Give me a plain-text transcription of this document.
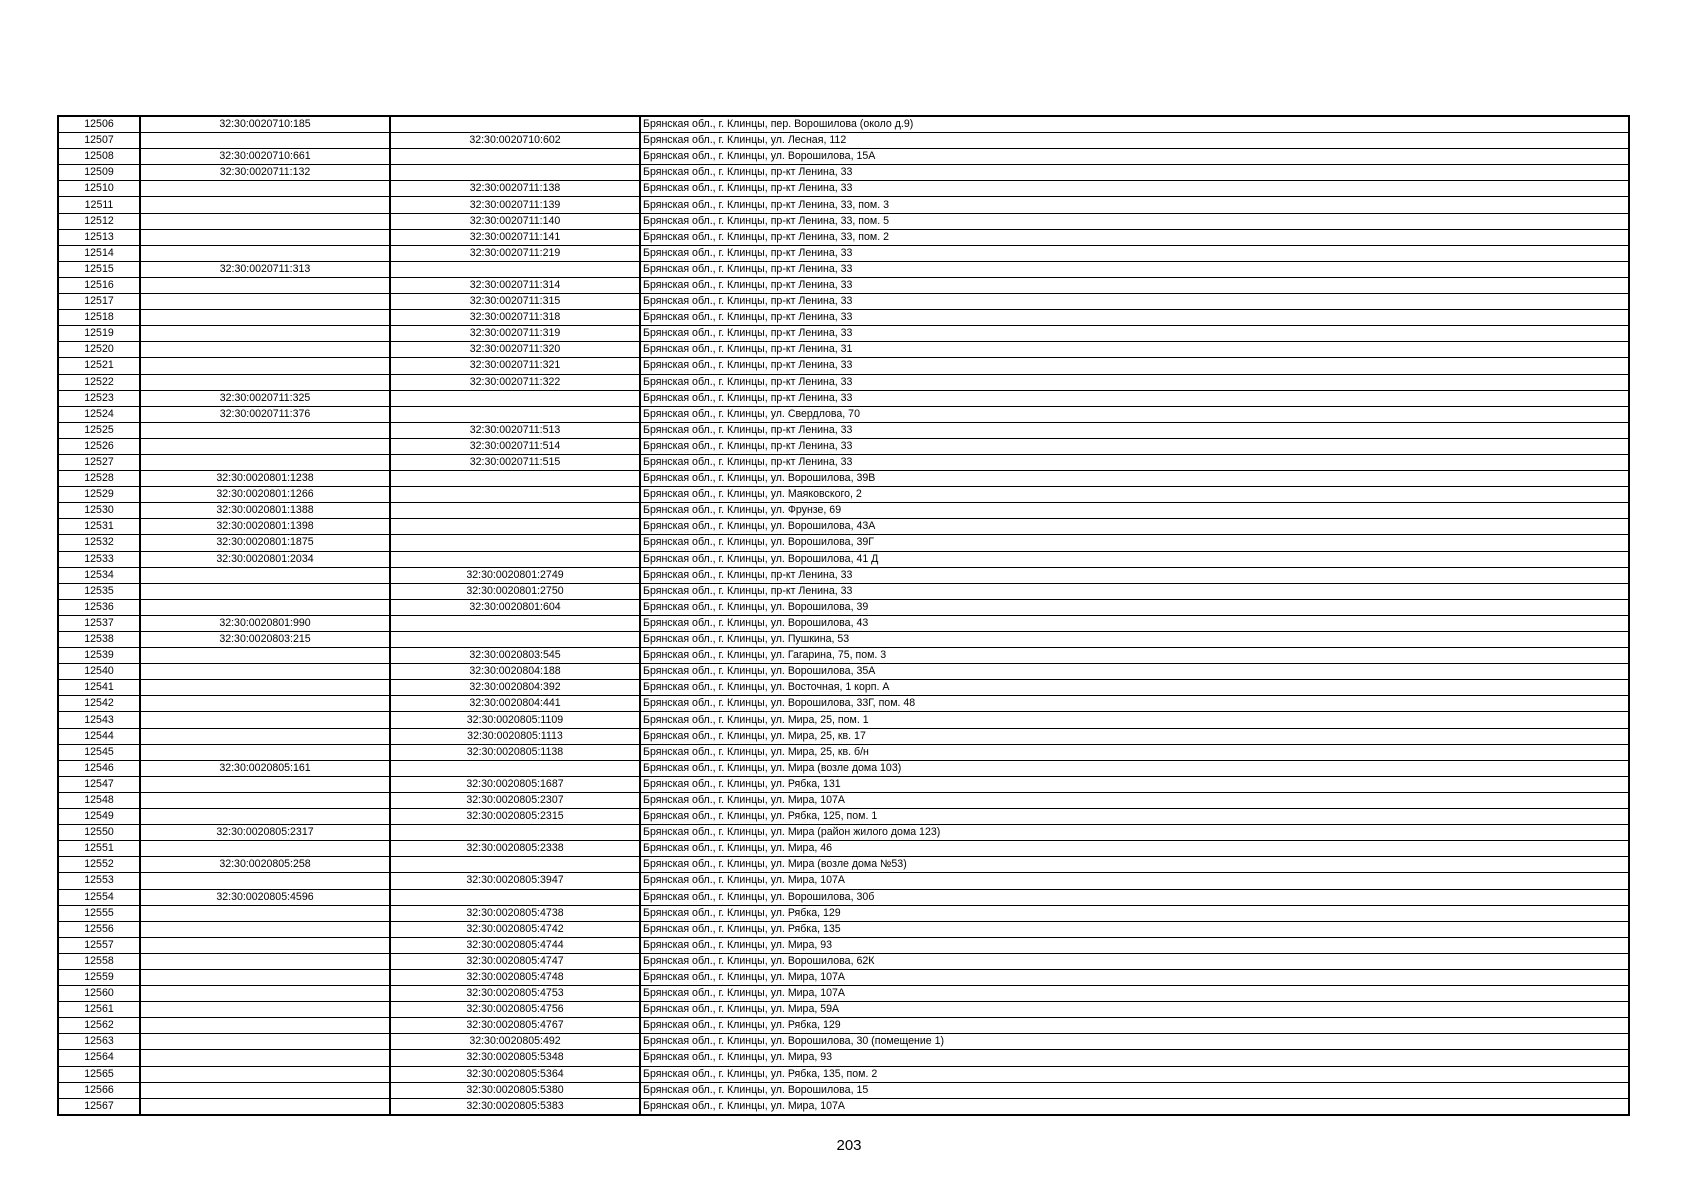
12506	32:30:0020710:185		Брянская обл., г. Клинцы, пер. Ворошилова (около д.9)
12507		32:30:0020710:602	Брянская обл., г. Клинцы, ул. Лесная, 112
12508	32:30:0020710:661		Брянская обл., г. Клинцы, ул. Ворошилова, 15А
12509	32:30:0020711:132		Брянская обл., г. Клинцы, пр-кт Ленина, 33
12510		32:30:0020711:138	Брянская обл., г. Клинцы, пр-кт Ленина, 33
12511		32:30:0020711:139	Брянская обл., г. Клинцы, пр-кт Ленина, 33, пом. 3
12512		32:30:0020711:140	Брянская обл., г. Клинцы, пр-кт Ленина, 33, пом. 5
12513		32:30:0020711:141	Брянская обл., г. Клинцы, пр-кт Ленина, 33, пом. 2
12514		32:30:0020711:219	Брянская обл., г. Клинцы, пр-кт Ленина, 33
12515	32:30:0020711:313		Брянская обл., г. Клинцы, пр-кт Ленина, 33
12516		32:30:0020711:314	Брянская обл., г. Клинцы, пр-кт Ленина, 33
12517		32:30:0020711:315	Брянская обл., г. Клинцы, пр-кт Ленина, 33
12518		32:30:0020711:318	Брянская обл., г. Клинцы, пр-кт Ленина, 33
12519		32:30:0020711:319	Брянская обл., г. Клинцы, пр-кт Ленина, 33
12520		32:30:0020711:320	Брянская обл., г. Клинцы, пр-кт Ленина, 31
12521		32:30:0020711:321	Брянская обл., г. Клинцы, пр-кт Ленина, 33
12522		32:30:0020711:322	Брянская обл., г. Клинцы, пр-кт Ленина, 33
12523	32:30:0020711:325		Брянская обл., г. Клинцы, пр-кт Ленина, 33
12524	32:30:0020711:376		Брянская обл., г. Клинцы, ул. Свердлова, 70
12525		32:30:0020711:513	Брянская обл., г. Клинцы, пр-кт Ленина, 33
12526		32:30:0020711:514	Брянская обл., г. Клинцы, пр-кт Ленина, 33
12527		32:30:0020711:515	Брянская обл., г. Клинцы, пр-кт Ленина, 33
12528	32:30:0020801:1238		Брянская обл., г. Клинцы, ул. Ворошилова, 39В
12529	32:30:0020801:1266		Брянская обл., г. Клинцы, ул. Маяковского, 2
12530	32:30:0020801:1388		Брянская обл., г. Клинцы, ул. Фрунзе, 69
12531	32:30:0020801:1398		Брянская обл., г. Клинцы, ул. Ворошилова, 43А
12532	32:30:0020801:1875		Брянская обл., г. Клинцы, ул. Ворошилова, 39Г
12533	32:30:0020801:2034		Брянская обл., г. Клинцы, ул. Ворошилова, 41 Д
12534		32:30:0020801:2749	Брянская обл., г. Клинцы, пр-кт Ленина, 33
12535		32:30:0020801:2750	Брянская обл., г. Клинцы, пр-кт Ленина, 33
12536		32:30:0020801:604	Брянская обл., г. Клинцы, ул. Ворошилова, 39
12537	32:30:0020801:990		Брянская обл., г. Клинцы, ул. Ворошилова, 43
12538	32:30:0020803:215		Брянская обл., г. Клинцы, ул. Пушкина, 53
12539		32:30:0020803:545	Брянская обл., г. Клинцы, ул. Гагарина, 75, пом. 3
12540		32:30:0020804:188	Брянская обл., г. Клинцы, ул. Ворошилова, 35А
12541		32:30:0020804:392	Брянская обл., г. Клинцы, ул. Восточная, 1 корп. А
12542		32:30:0020804:441	Брянская обл., г. Клинцы, ул. Ворошилова, 33Г, пом. 48
12543		32:30:0020805:1109	Брянская обл., г. Клинцы, ул. Мира, 25, пом. 1
12544		32:30:0020805:1113	Брянская обл., г. Клинцы, ул. Мира, 25, кв. 17
12545		32:30:0020805:1138	Брянская обл., г. Клинцы, ул. Мира, 25, кв. б/н
12546	32:30:0020805:161		Брянская обл., г. Клинцы, ул. Мира (возле дома 103)
12547		32:30:0020805:1687	Брянская обл., г. Клинцы, ул. Рябка, 131
12548		32:30:0020805:2307	Брянская обл., г. Клинцы, ул. Мира, 107А
12549		32:30:0020805:2315	Брянская обл., г. Клинцы, ул. Рябка, 125, пом. 1
12550	32:30:0020805:2317		Брянская обл., г. Клинцы, ул. Мира (район жилого дома 123)
12551		32:30:0020805:2338	Брянская обл., г. Клинцы, ул. Мира, 46
12552	32:30:0020805:258		Брянская обл., г. Клинцы, ул. Мира (возле дома №53)
12553		32:30:0020805:3947	Брянская обл., г. Клинцы, ул. Мира, 107А
12554	32:30:0020805:4596		Брянская обл., г. Клинцы, ул. Ворошилова, 30б
12555		32:30:0020805:4738	Брянская обл., г. Клинцы, ул. Рябка, 129
12556		32:30:0020805:4742	Брянская обл., г. Клинцы, ул. Рябка, 135
12557		32:30:0020805:4744	Брянская обл., г. Клинцы, ул. Мира, 93
12558		32:30:0020805:4747	Брянская обл., г. Клинцы, ул. Ворошилова, 62К
12559		32:30:0020805:4748	Брянская обл., г. Клинцы, ул. Мира, 107А
12560		32:30:0020805:4753	Брянская обл., г. Клинцы, ул. Мира, 107А
12561		32:30:0020805:4756	Брянская обл., г. Клинцы, ул. Мира, 59А
12562		32:30:0020805:4767	Брянская обл., г. Клинцы, ул. Рябка, 129
12563		32:30:0020805:492	Брянская обл., г. Клинцы, ул. Ворошилова, 30 (помещение 1)
12564		32:30:0020805:5348	Брянская обл., г. Клинцы, ул. Мира, 93
12565		32:30:0020805:5364	Брянская обл., г. Клинцы, ул. Рябка, 135, пом. 2
12566		32:30:0020805:5380	Брянская обл., г. Клинцы, ул. Ворошилова, 15
12567		32:30:0020805:5383	Брянская обл., г. Клинцы, ул. Мира, 107А
203
